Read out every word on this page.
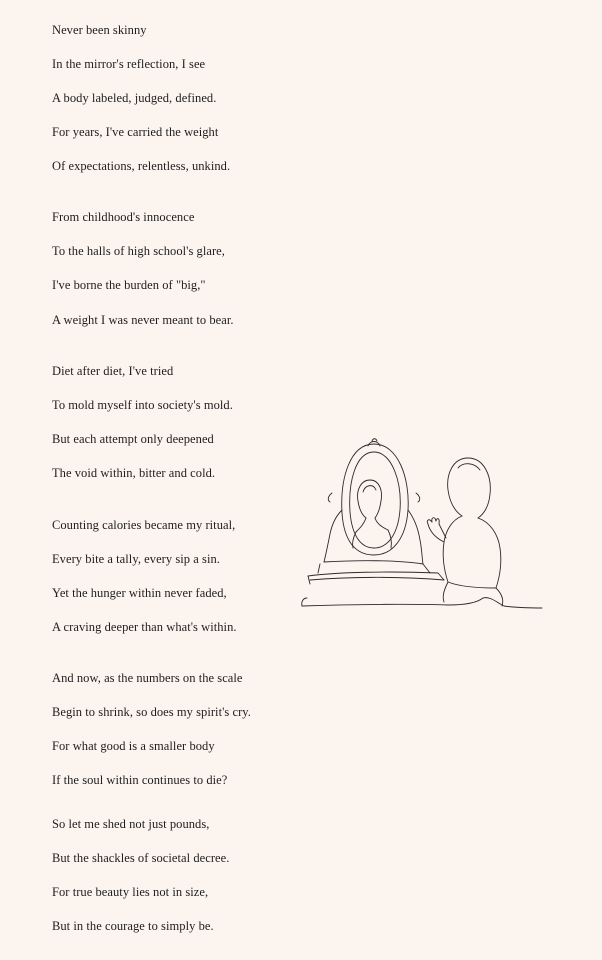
Never been skinny
In the mirror's reflection, I see
A body labeled, judged, defined.
For years, I've carried the weight
Of expectations, relentless, unkind.
From childhood's innocence
To the halls of high school's glare,
I've borne the burden of "big,"
A weight I was never meant to bear.
Diet after diet, I've tried
To mold myself into society's mold.
But each attempt only deepened
The void within, bitter and cold.
Counting calories became my ritual,
Every bite a tally, every sip a sin.
Yet the hunger within never faded,
A craving deeper than what's within.
And now, as the numbers on the scale
Begin to shrink, so does my spirit's cry.
For what good is a smaller body
If the soul within continues to die?
So let me shed not just pounds,
But the shackles of societal decree.
For true beauty lies not in size,
But in the courage to simply be.
